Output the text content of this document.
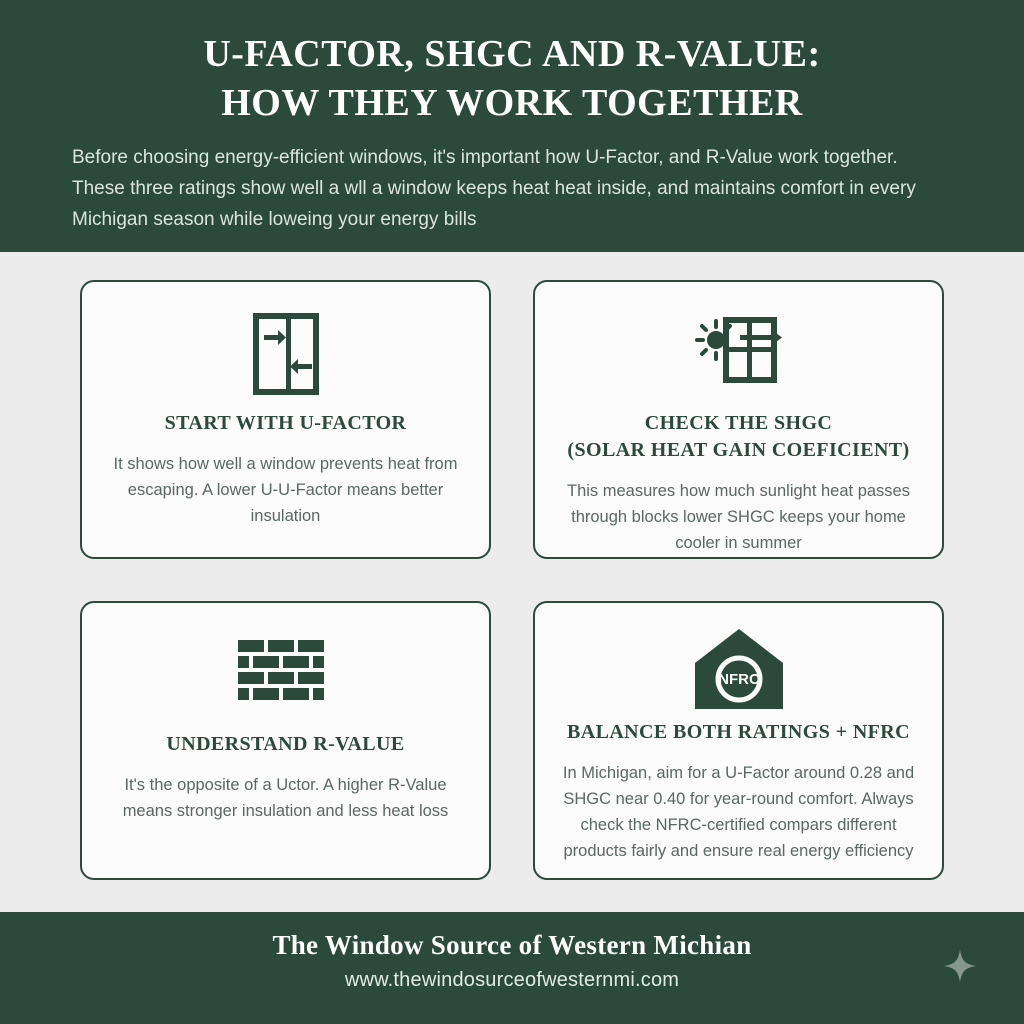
U-FACTOR, SHGC AND R-VALUE:
HOW THEY WORK TOGETHER

Before choosing energy-efficient windows, it's important how U-Factor, and R-Value work together. These three ratings show well a wll a window keeps heat heat inside, and maintains comfort in every Michigan season while loweing your energy bills

START WITH U-FACTOR

It shows how well a window prevents heat from escaping. A lower U-U-Factor means better insulation

CHECK THE SHGC
(SOLAR HEAT GAIN COEFICIENT)

This measures how much sunlight heat passes through blocks lower SHGC keeps your home cooler in summer

UNDERSTAND R-VALUE

It's the opposite of a Uctor. A higher R-Value means stronger insulation and less heat loss

NFRC
BALANCE BOTH RATINGS + NFRC

In Michigan, aim for a U-Factor around 0.28 and SHGC near 0.40 for year-round comfort. Always check the NFRC-certified compars different products fairly and ensure real energy efficiency

The Window Source of Western Michian

www.thewindosurceofwesternmi.com
